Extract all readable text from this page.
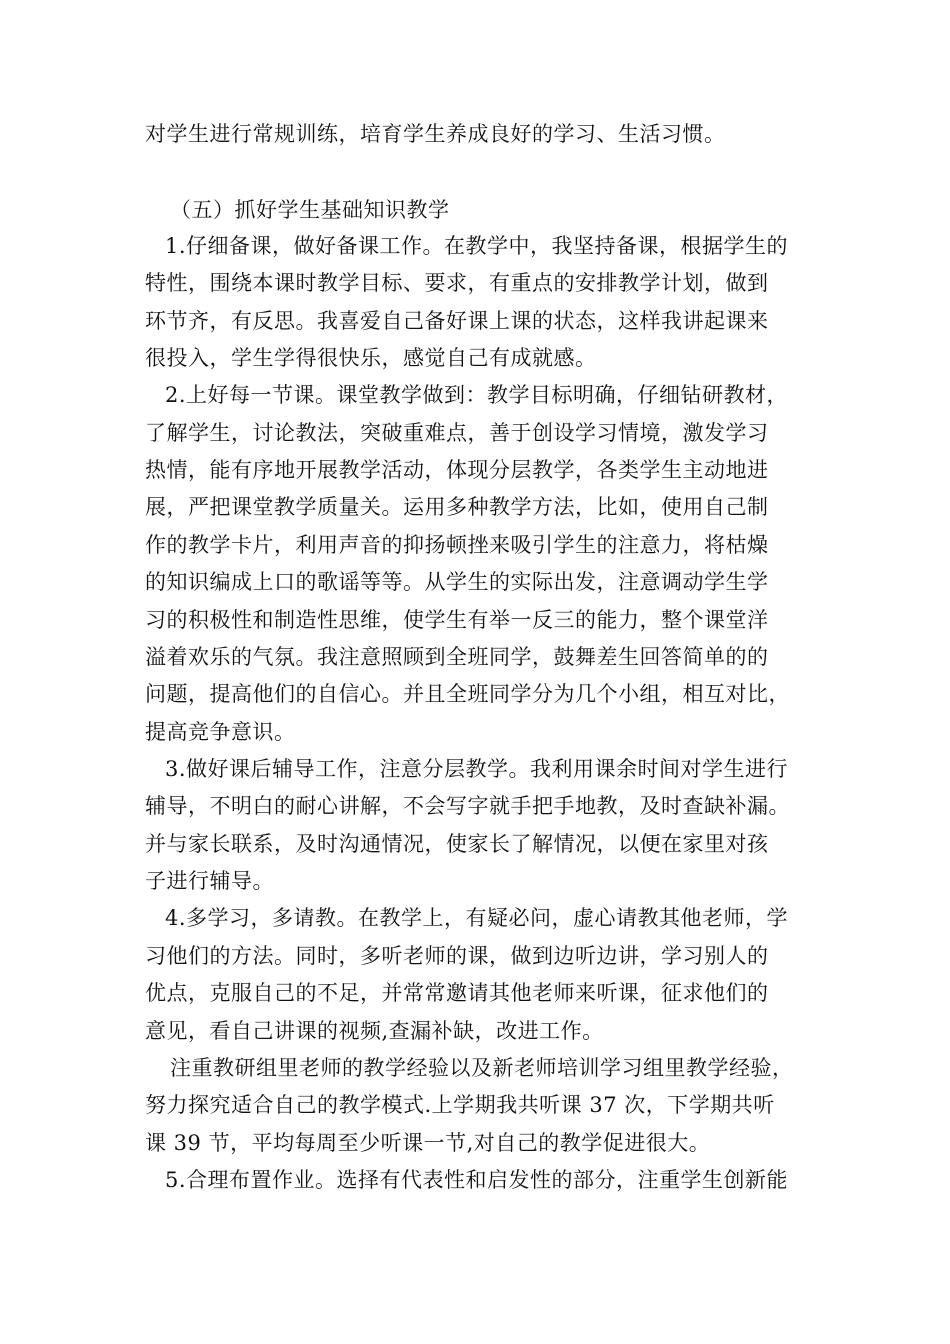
对学生进行常规训练，培育学生养成良好的学习、生活习惯。
（五）抓好学生基础知识教学
1.仔细备课，做好备课工作。在教学中，我坚持备课，根据学生的
特性，围绕本课时教学目标、要求，有重点的安排教学计划，做到
环节齐，有反思。我喜爱自己备好课上课的状态，这样我讲起课来
很投入，学生学得很快乐，感觉自己有成就感。
2.上好每一节课。课堂教学做到：教学目标明确，仔细钻研教材，
了解学生，讨论教法，突破重难点，善于创设学习情境，激发学习
热情，能有序地开展教学活动，体现分层教学，各类学生主动地进
展，严把课堂教学质量关。运用多种教学方法，比如，使用自己制
作的教学卡片，利用声音的抑扬顿挫来吸引学生的注意力，将枯燥
的知识编成上口的歌谣等等。从学生的实际出发，注意调动学生学
习的积极性和制造性思维，使学生有举一反三的能力，整个课堂洋
溢着欢乐的气氛。我注意照顾到全班同学，鼓舞差生回答简单的的
问题，提高他们的自信心。并且全班同学分为几个小组，相互对比，
提高竞争意识。
3.做好课后辅导工作，注意分层教学。我利用课余时间对学生进行
辅导，不明白的耐心讲解，不会写字就手把手地教，及时查缺补漏。
并与家长联系，及时沟通情况，使家长了解情况，以便在家里对孩
子进行辅导。
4.多学习，多请教。在教学上，有疑必问，虚心请教其他老师，学
习他们的方法。同时，多听老师的课，做到边听边讲，学习别人的
优点，克服自己的不足，并常常邀请其他老师来听课，征求他们的
意见，看自己讲课的视频,查漏补缺，改进工作。
注重教研组里老师的教学经验以及新老师培训学习组里教学经验，
努力探究适合自己的教学模式.上学期我共听课 37 次，下学期共听
课 39 节，平均每周至少听课一节,对自己的教学促进很大。
5.合理布置作业。选择有代表性和启发性的部分，注重学生创新能
